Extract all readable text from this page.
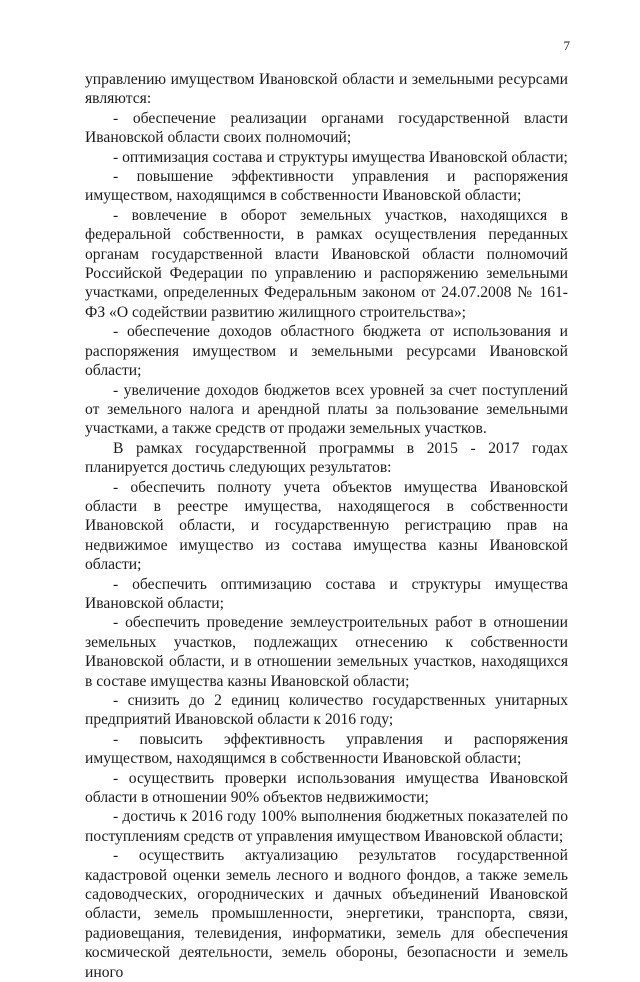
7

управлению имуществом Ивановской области и земельными ресурсами являются:

- обеспечение реализации органами государственной власти Ивановской области своих полномочий;

- оптимизация состава и структуры имущества Ивановской области;

- повышение эффективности управления и распоряжения имуществом, находящимся в собственности Ивановской области;

- вовлечение в оборот земельных участков, находящихся в федеральной собственности, в рамках осуществления переданных органам государственной власти Ивановской области полномочий Российской Федерации по управлению и распоряжению земельными участками, определенных Федеральным законом от 24.07.2008 № 161-ФЗ «О содействии развитию жилищного строительства»;

- обеспечение доходов областного бюджета от использования и распоряжения имуществом и земельными ресурсами Ивановской области;

- увеличение доходов бюджетов всех уровней за счет поступлений от земельного налога и арендной платы за пользование земельными участками, а также средств от продажи земельных участков.

В рамках государственной программы в 2015 - 2017 годах планируется достичь следующих результатов:

- обеспечить полноту учета объектов имущества Ивановской области в реестре имущества, находящегося в собственности Ивановской области, и государственную регистрацию прав на недвижимое имущество из состава имущества казны Ивановской области;

- обеспечить оптимизацию состава и структуры имущества Ивановской области;

- обеспечить проведение землеустроительных работ в отношении земельных участков, подлежащих отнесению к собственности Ивановской области, и в отношении земельных участков, находящихся в составе имущества казны Ивановской области;

- снизить до 2 единиц количество государственных унитарных предприятий Ивановской области к 2016 году;

- повысить эффективность управления и распоряжения имуществом, находящимся в собственности Ивановской области;

- осуществить проверки использования имущества Ивановской области в отношении 90% объектов недвижимости;

- достичь к 2016 году 100% выполнения бюджетных показателей по поступлениям средств от управления имуществом Ивановской области;

- осуществить актуализацию результатов государственной кадастровой оценки земель лесного и водного фондов, а также земель садоводческих, огороднических и дачных объединений Ивановской области, земель промышленности, энергетики, транспорта, связи, радиовещания, телевидения, информатики, земель для обеспечения космической деятельности, земель обороны, безопасности и земель иного
